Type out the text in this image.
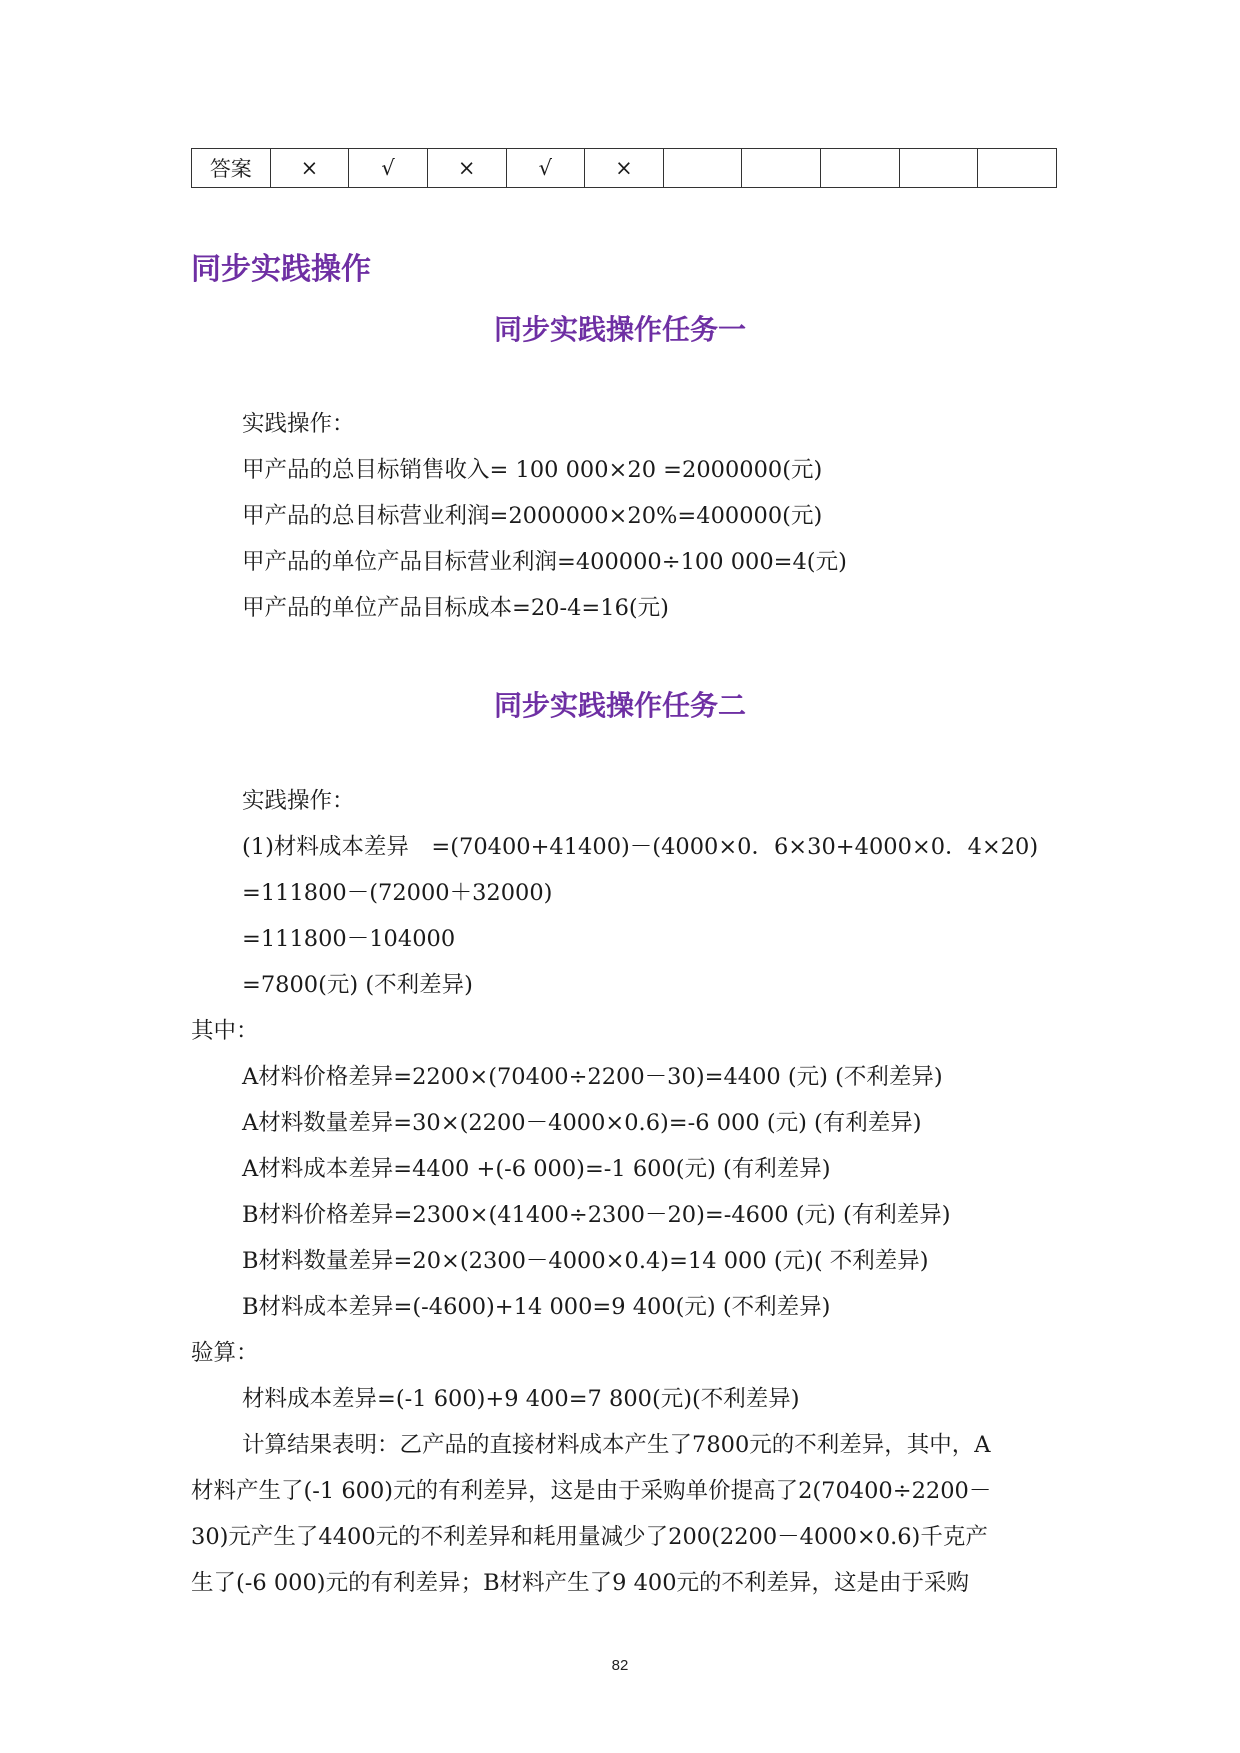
答案	×	√	×	√	×					
同步实践操作
同步实践操作任务一

实践操作：

甲产品的总目标销售收入= 100 000×20 =2000000(元)

甲产品的总目标营业利润=2000000×20%=400000(元)

甲产品的单位产品目标营业利润=400000÷100 000=4(元)

甲产品的单位产品目标成本=20-4=16(元)

同步实践操作任务二

实践操作：

(1)材料成本差异　=(70400+41400)－(4000×0．6×30+4000×0．4×20)

=111800－(72000＋32000)

=111800－104000

=7800(元) (不利差异)

其中：

A材料价格差异=2200×(70400÷2200－30)=4400 (元) (不利差异)

A材料数量差异=30×(2200－4000×0.6)=-6 000 (元) (有利差异)

A材料成本差异=4400 +(-6 000)=-1 600(元) (有利差异)

B材料价格差异=2300×(41400÷2300－20)=-4600 (元) (有利差异)

B材料数量差异=20×(2300－4000×0.4)=14 000 (元)( 不利差异)

B材料成本差异=(-4600)+14 000=9 400(元) (不利差异)

验算：

材料成本差异=(-1 600)+9 400=7 800(元)(不利差异)

计算结果表明：乙产品的直接材料成本产生了7800元的不利差异，其中，A

材料产生了(-1 600)元的有利差异，这是由于采购单价提高了2(70400÷2200－

30)元产生了4400元的不利差异和耗用量减少了200(2200－4000×0.6)千克产

生了(-6 000)元的有利差异；B材料产生了9 400元的不利差异，这是由于采购

82
